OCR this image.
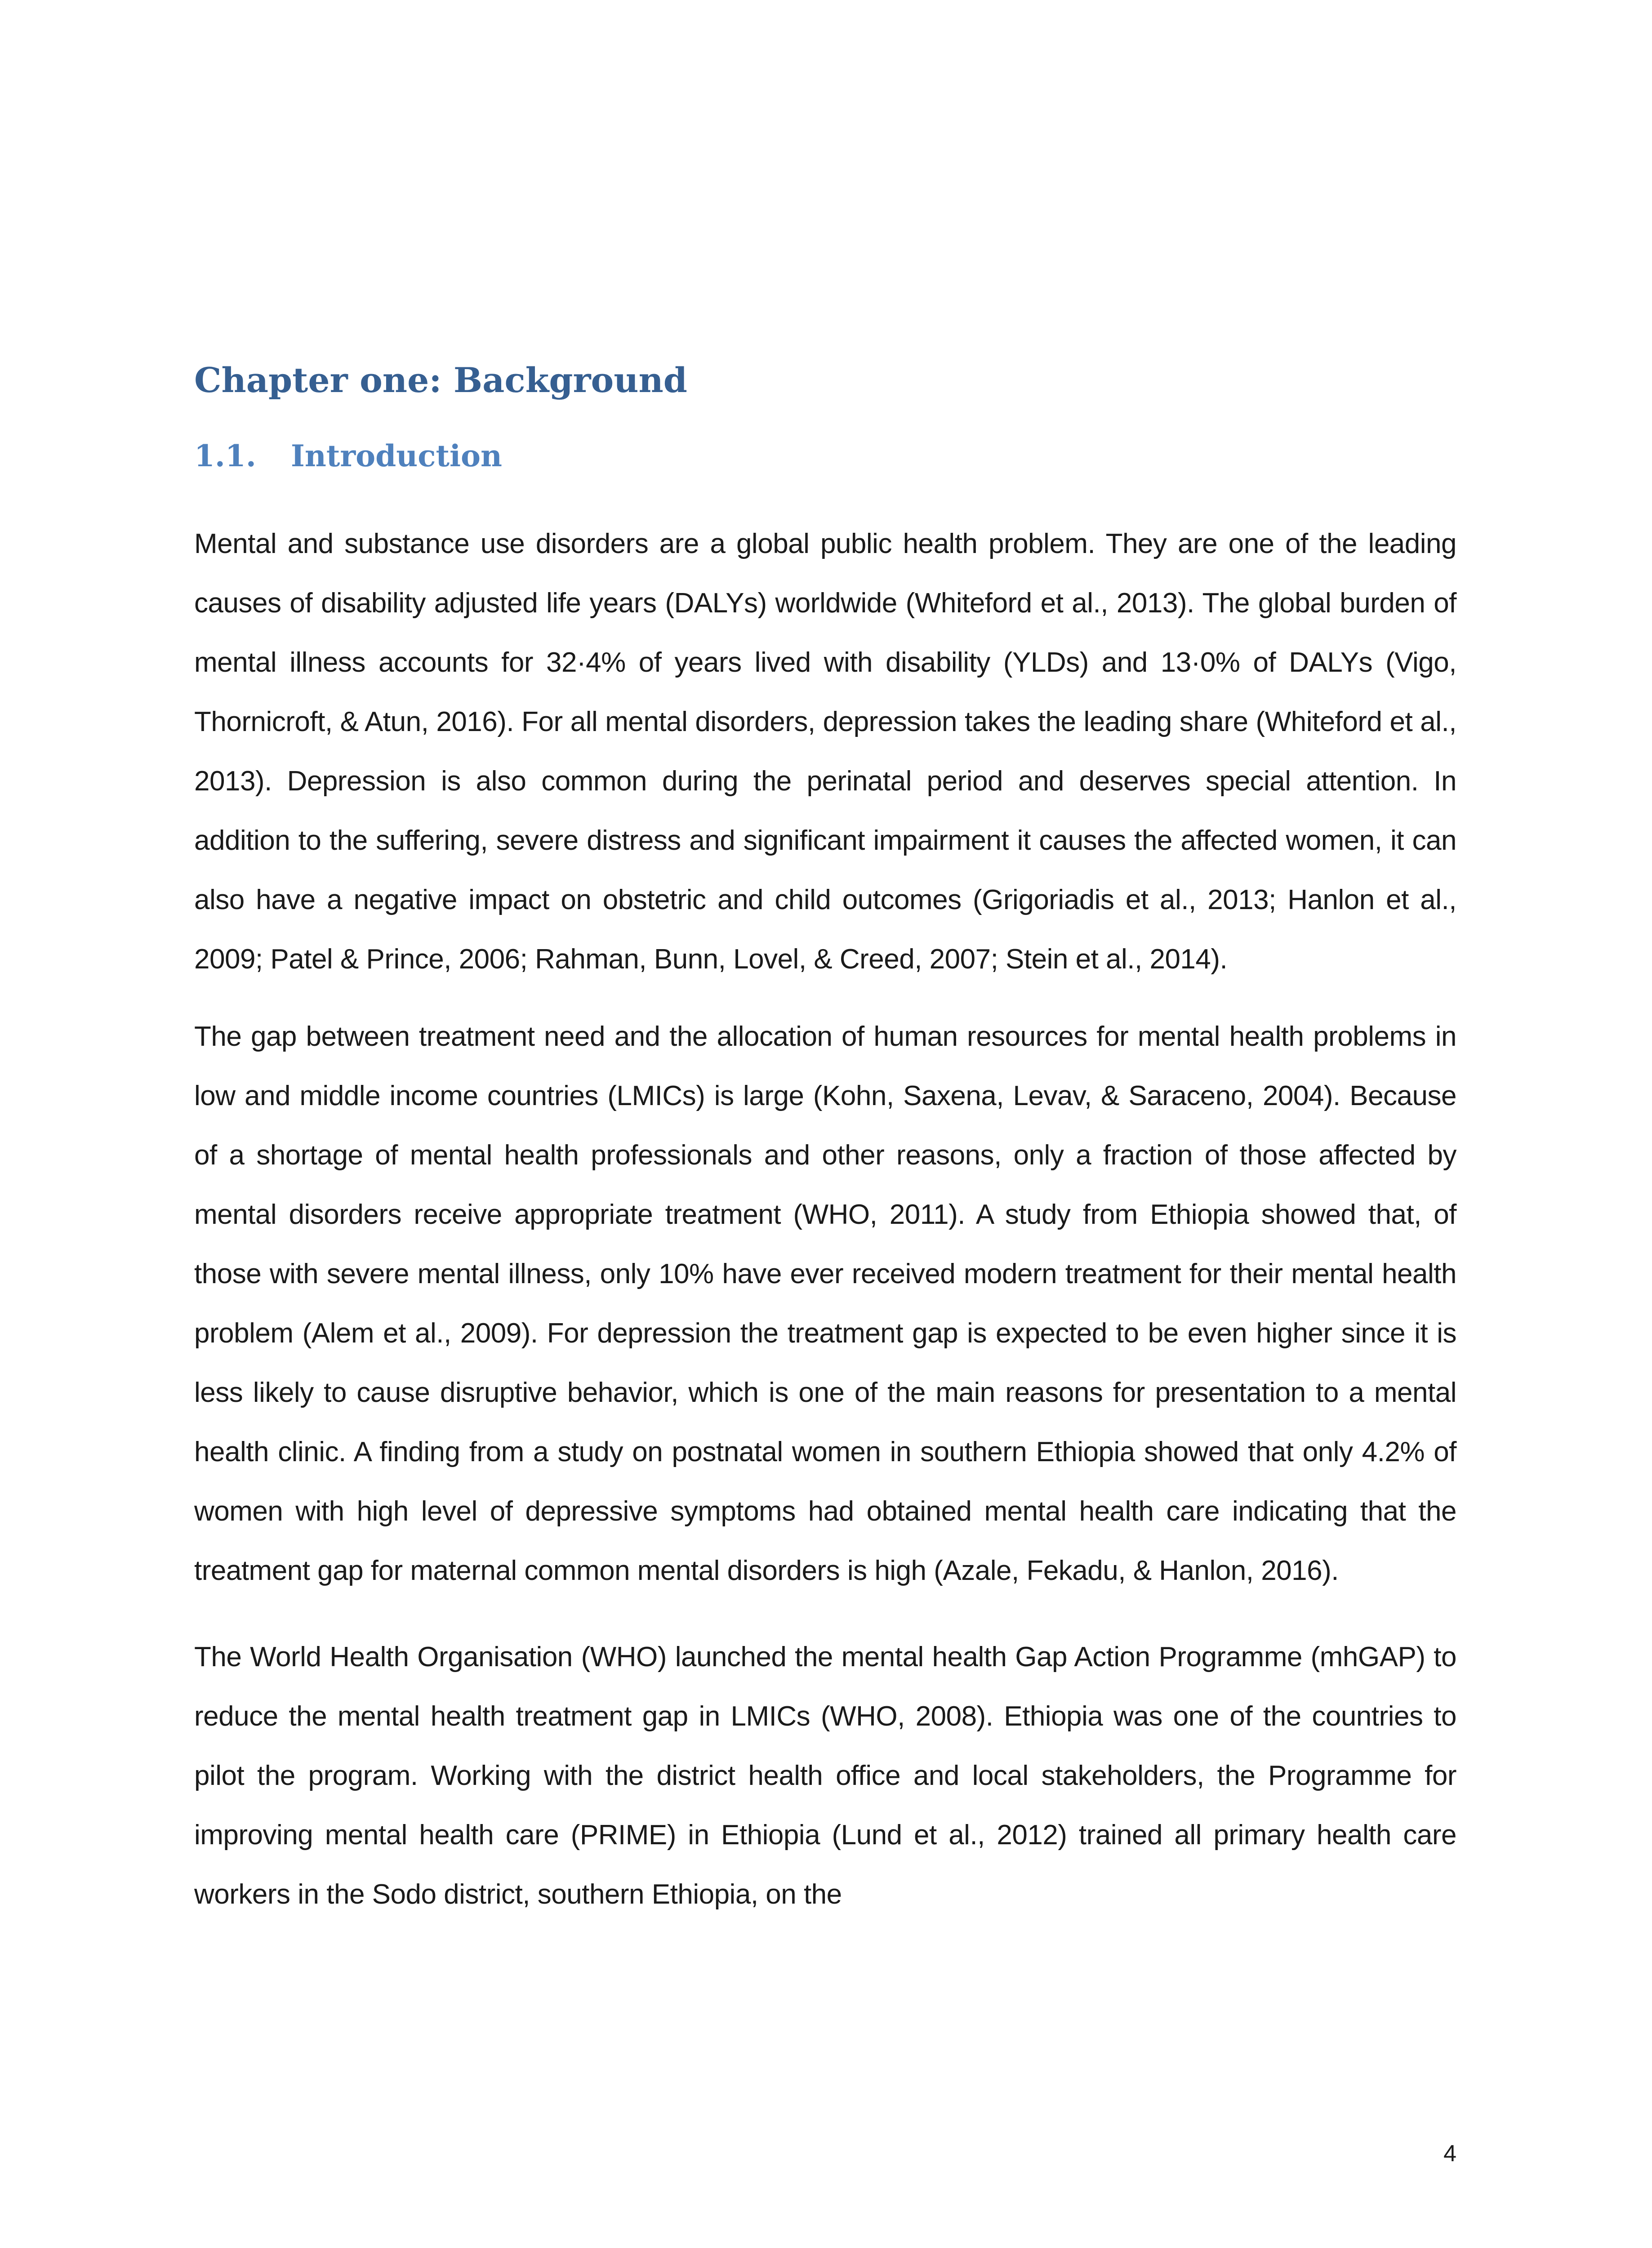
Chapter one: Background
1.1. Introduction

Mental and substance use disorders are a global public health problem. They are one of the leading causes of disability adjusted life years (DALYs) worldwide (Whiteford et al., 2013). The global burden of mental illness accounts for 32·4% of years lived with disability (YLDs) and 13·0% of DALYs (Vigo, Thornicroft, & Atun, 2016). For all mental disorders, depression takes the leading share (Whiteford et al., 2013). Depression is also common during the perinatal period and deserves special attention. In addition to the suffering, severe distress and significant impairment it causes the affected women, it can also have a negative impact on obstetric and child outcomes (Grigoriadis et al., 2013; Hanlon et al., 2009; Patel & Prince, 2006; Rahman, Bunn, Lovel, & Creed, 2007; Stein et al., 2014).

The gap between treatment need and the allocation of human resources for mental health problems in low and middle income countries (LMICs) is large (Kohn, Saxena, Levav, & Saraceno, 2004). Because of a shortage of mental health professionals and other reasons, only a fraction of those affected by mental disorders receive appropriate treatment (WHO, 2011). A study from Ethiopia showed that, of those with severe mental illness, only 10% have ever received modern treatment for their mental health problem (Alem et al., 2009). For depression the treatment gap is expected to be even higher since it is less likely to cause disruptive behavior, which is one of the main reasons for presentation to a mental health clinic. A finding from a study on postnatal women in southern Ethiopia showed that only 4.2% of women with high level of depressive symptoms had obtained mental health care indicating that the treatment gap for maternal common mental disorders is high (Azale, Fekadu, & Hanlon, 2016).

The World Health Organisation (WHO) launched the mental health Gap Action Programme (mhGAP) to reduce the mental health treatment gap in LMICs (WHO, 2008). Ethiopia was one of the countries to pilot the program. Working with the district health office and local stakeholders, the Programme for improving mental health care (PRIME) in Ethiopia (Lund et al., 2012) trained all primary health care workers in the Sodo district, southern Ethiopia, on the

4
